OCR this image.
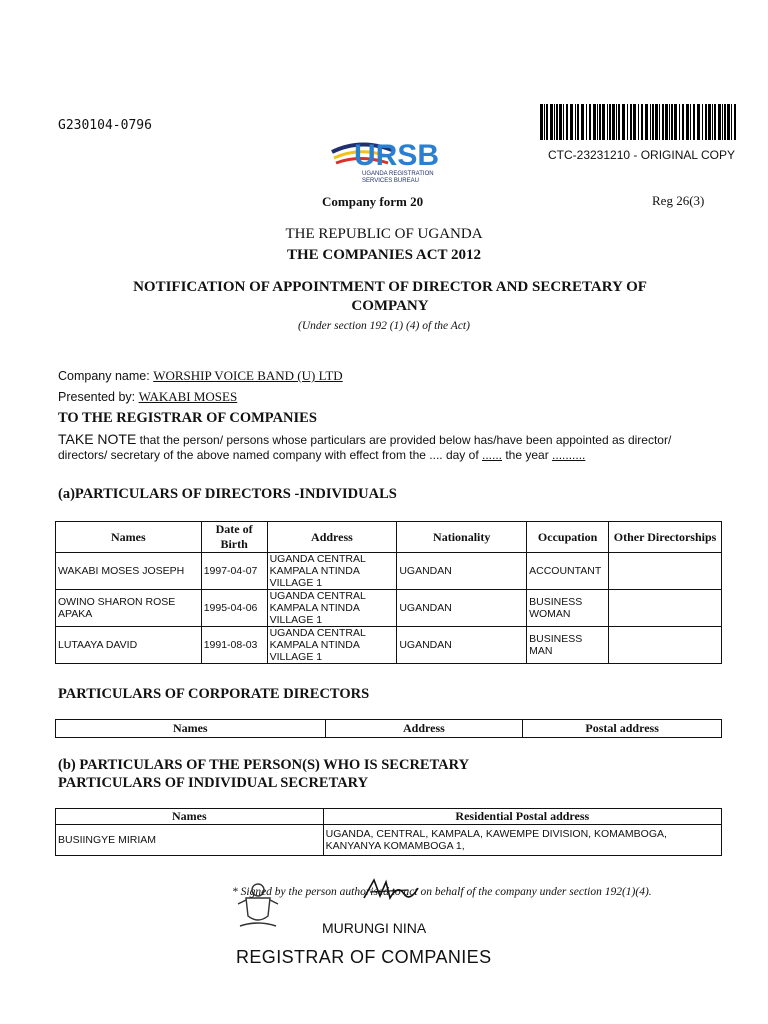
G230104-0796
CTC-23231210 - ORIGINAL COPY
URSB
UGANDA REGISTRATION
SERVICES BUREAU
Company form 20	Reg 26(3)
THE REPUBLIC OF UGANDA
THE COMPANIES ACT 2012
NOTIFICATION OF APPOINTMENT OF DIRECTOR AND SECRETARY OF
COMPANY
(Under section 192 (1) (4) of the Act)
Company name: WORSHIP VOICE BAND (U) LTD
Presented by: WAKABI MOSES
TO THE REGISTRAR OF COMPANIES
TAKE NOTE that the person/ persons whose particulars are provided below has/have been appointed as director/ directors/ secretary of the above named company with effect from the .... day of ...... the year ..........
(a)PARTICULARS OF DIRECTORS -INDIVIDUALS
Names	Date of Birth	Address	Nationality	Occupation	Other Directorships
WAKABI MOSES JOSEPH	1997-04-07	UGANDA CENTRAL KAMPALA NTINDA VILLAGE 1	UGANDAN	ACCOUNTANT	
OWINO SHARON ROSE APAKA	1995-04-06	UGANDA CENTRAL KAMPALA NTINDA VILLAGE 1	UGANDAN	BUSINESS WOMAN	
LUTAAYA DAVID	1991-08-03	UGANDA CENTRAL KAMPALA NTINDA VILLAGE 1	UGANDAN	BUSINESS MAN	
PARTICULARS OF CORPORATE DIRECTORS
Names	Address	Postal address
(b) PARTICULARS OF THE PERSON(S) WHO IS SECRETARY
PARTICULARS OF INDIVIDUAL SECRETARY
Names	Residential Postal address
BUSIINGYE MIRIAM	UGANDA, CENTRAL, KAMPALA, KAWEMPE DIVISION, KOMAMBOGA, KANYANYA KOMAMBOGA 1,
* Signed by the person authorised to act on behalf of the company under section 192(1)(4).
MURUNGI NINA
REGISTRAR OF COMPANIES
